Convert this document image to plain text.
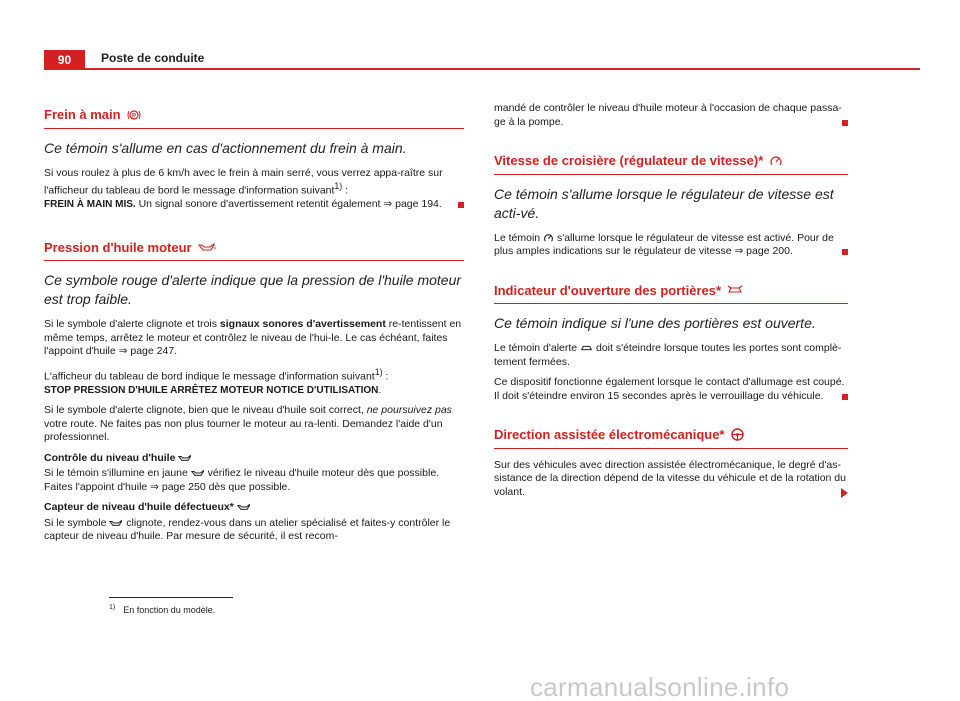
90	Poste de conduite
Frein à main P
Ce témoin s'allume en cas d'actionnement du frein à main.

Si vous roulez à plus de 6 km/h avec le frein à main serré, vous verrez appa-raître sur l'afficheur du tableau de bord le message d'information suivant$^{1)}$ :
FREIN À MAIN MIS. Un signal sonore d'avertissement retentit également ⇒ page 194.

Pression d'huile moteur
Ce symbole rouge d'alerte indique que la pression de l'huile moteur est trop faible.

Si le symbole d'alerte clignote et trois signaux sonores d'avertissement re-tentissent en même temps, arrêtez le moteur et contrôlez le niveau de l'hui-le. Le cas échéant, faites l'appoint d'huile ⇒ page 247.

L'afficheur du tableau de bord indique le message d'information suivant$^{1)}$ :
STOP PRESSION D'HUILE ARRÊTEZ MOTEUR NOTICE D'UTILISATION.

Si le symbole d'alerte clignote, bien que le niveau d'huile soit correct, ne poursuivez pas votre route. Ne faites pas non plus tourner le moteur au ra-lenti. Demandez l'aide d'un professionnel.

Contrôle du niveau d'huile

Si le témoin s'illumine en jaune  vérifiez le niveau d'huile moteur dès que possible. Faites l'appoint d'huile ⇒ page 250 dès que possible.

Capteur de niveau d'huile défectueux*

Si le symbole  clignote, rendez-vous dans un atelier spécialisé et faites-y contrôler le capteur de niveau d'huile. Par mesure de sécurité, il est recom-

mandé de contrôler le niveau d'huile moteur à l'occasion de chaque passa-ge à la pompe.

Vitesse de croisière (régulateur de vitesse)*
Ce témoin s'allume lorsque le régulateur de vitesse est acti-vé.

Le témoin  s'allume lorsque le régulateur de vitesse est activé. Pour de plus amples indications sur le régulateur de vitesse ⇒ page 200.

Indicateur d'ouverture des portières*
Ce témoin indique si l'une des portières est ouverte.

Le témoin d'alerte  doit s'éteindre lorsque toutes les portes sont complè-tement fermées.

Ce dispositif fonctionne également lorsque le contact d'allumage est coupé. Il doit s'éteindre environ 15 secondes après le verrouillage du véhicule.

Direction assistée électromécanique*

Sur des véhicules avec direction assistée électromécanique, le degré d'as-sistance de la direction dépend de la vitesse du véhicule et de la rotation du volant.

$^{1)}$ En fonction du modèle.
carmanualsonline.info
